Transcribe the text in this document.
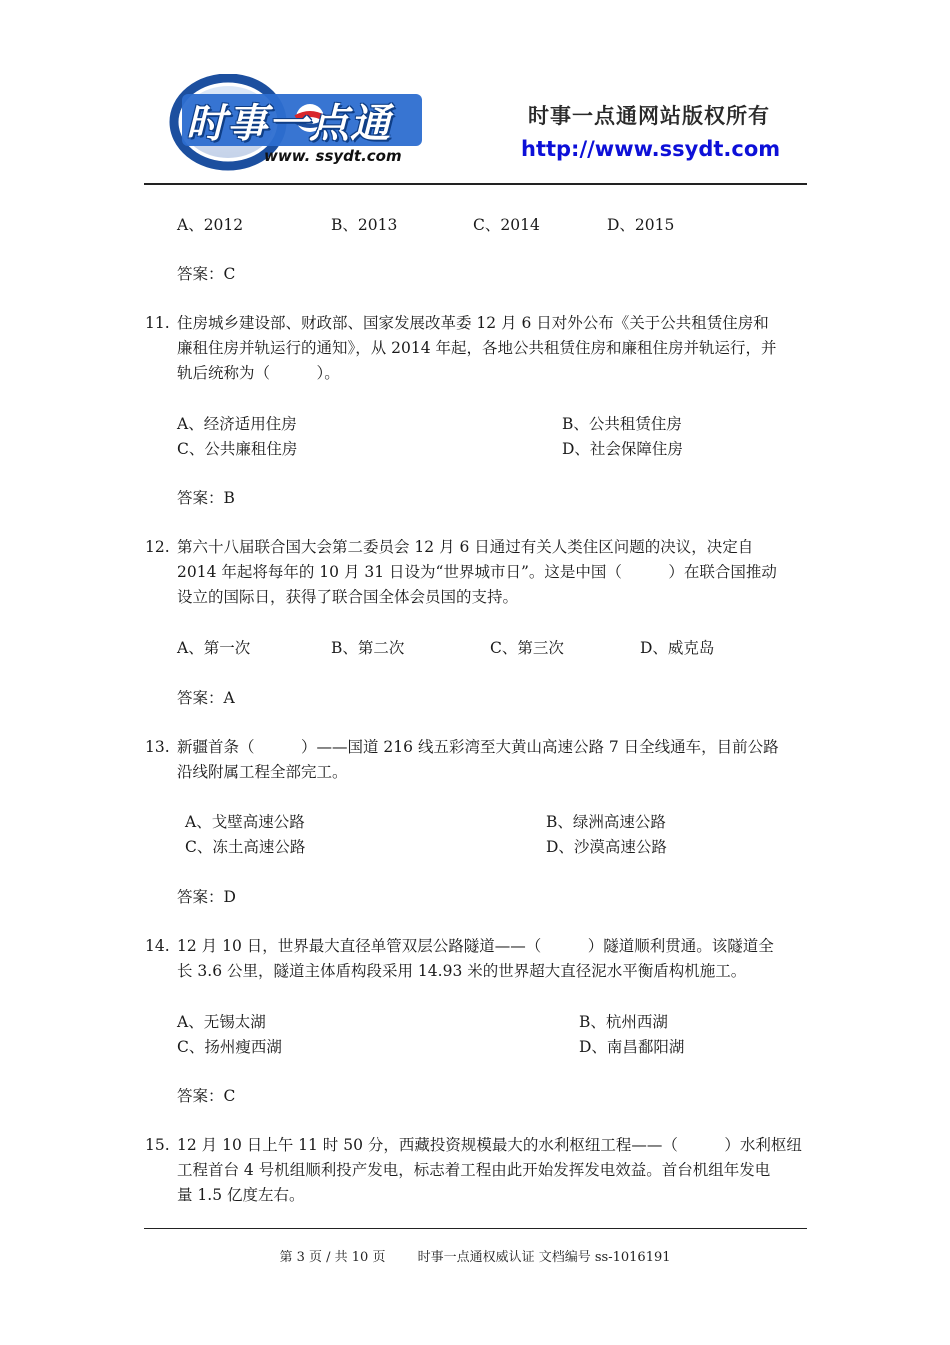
时事一点通
www. ssydt.com
时事一点通网站版权所有
http://www.ssydt.com
A、2012	B、2013	C、2014	D、2015
答案：C
11. 住房城乡建设部、财政部、国家发展改革委 12 月 6 日对外公布《关于公共租赁住房和
廉租住房并轨运行的通知》，从 2014 年起，各地公共租赁住房和廉租住房并轨运行，并
轨后统称为（　　　）。
A、经济适用住房	B、公共租赁住房
C、公共廉租住房	D、社会保障住房
答案：B
12. 第六十八届联合国大会第二委员会 12 月 6 日通过有关人类住区问题的决议，决定自
2014 年起将每年的 10 月 31 日设为“世界城市日”。这是中国（　　　）在联合国推动
设立的国际日，获得了联合国全体会员国的支持。
A、第一次	B、第二次	C、第三次	D、威克岛
答案：A
13. 新疆首条（　　　）——国道 216 线五彩湾至大黄山高速公路 7 日全线通车，目前公路
沿线附属工程全部完工。
A、戈壁高速公路	B、绿洲高速公路
C、冻土高速公路	D、沙漠高速公路
答案：D
14. 12 月 10 日，世界最大直径单管双层公路隧道——（　　　）隧道顺利贯通。该隧道全
长 3.6 公里，隧道主体盾构段采用 14.93 米的世界超大直径泥水平衡盾构机施工。
A、无锡太湖	B、杭州西湖
C、扬州瘦西湖	D、南昌鄱阳湖
答案：C
15. 12 月 10 日上午 11 时 50 分，西藏投资规模最大的水利枢纽工程——（　　　）水利枢纽
工程首台 4 号机组顺利投产发电，标志着工程由此开始发挥发电效益。首台机组年发电
量 1.5 亿度左右。
第 3 页 / 共 10 页 时事一点通权威认证 文档编号 ss-1016191
